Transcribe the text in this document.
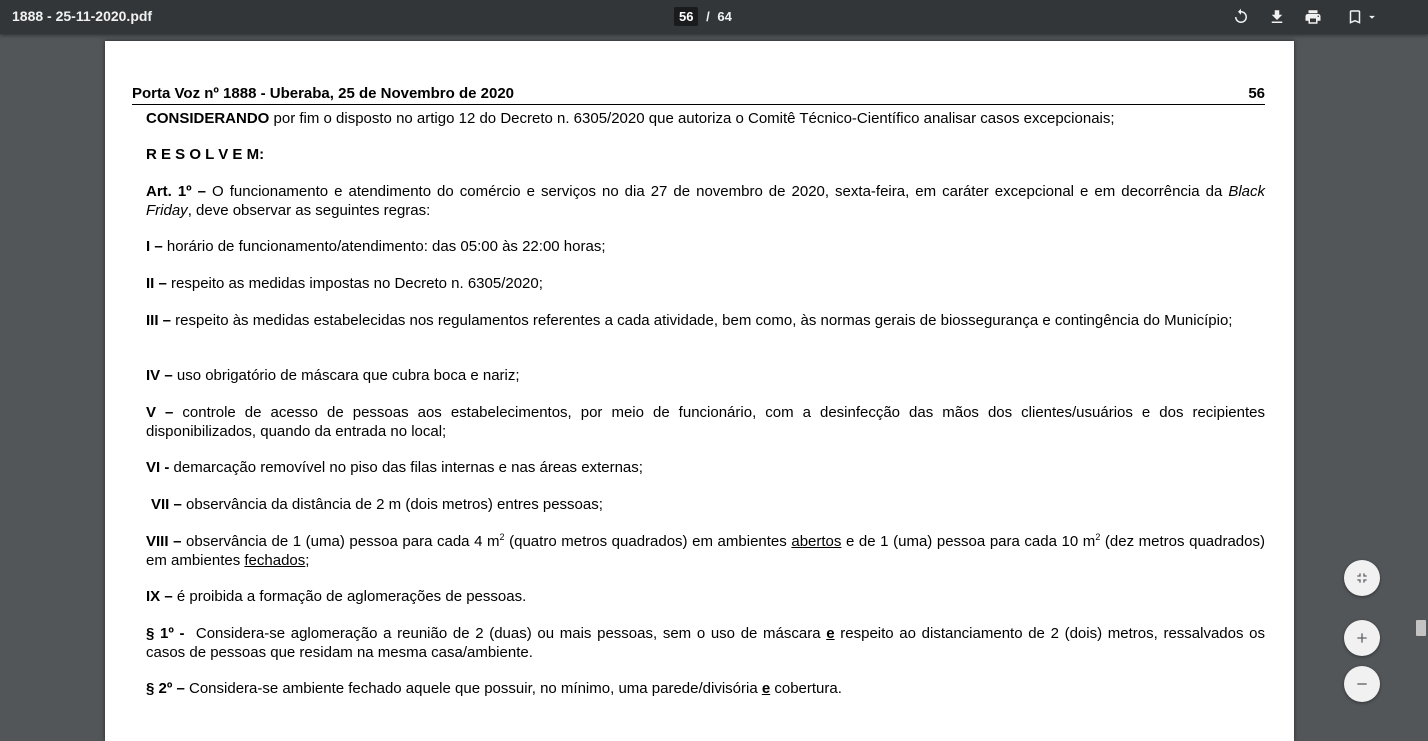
1888 - 25-11-2020.pdf	56 / 64
Porta Voz nº 1888 - Uberaba, 25 de Novembro de 2020	56
CONSIDERANDO por fim o disposto no artigo 12 do Decreto n. 6305/2020 que autoriza o Comitê Técnico-Científico analisar casos excepcionais;
R E S O L V E M:
Art. 1º – O funcionamento e atendimento do comércio e serviços no dia 27 de novembro de 2020, sexta-feira, em caráter excepcional e em decorrência da Black Friday, deve observar as seguintes regras:
I – horário de funcionamento/atendimento: das 05:00 às 22:00 horas;
II – respeito as medidas impostas no Decreto n. 6305/2020;
III – respeito às medidas estabelecidas nos regulamentos referentes a cada atividade, bem como, às normas gerais de biossegurança e contingência do Município;
IV – uso obrigatório de máscara que cubra boca e nariz;
V – controle de acesso de pessoas aos estabelecimentos, por meio de funcionário, com a desinfecção das mãos dos clientes/usuários e dos recipientes disponibilizados, quando da entrada no local;
VI - demarcação removível no piso das filas internas e nas áreas externas;
VII – observância da distância de 2 m (dois metros) entres pessoas;
VIII – observância de 1 (uma) pessoa para cada 4 $m^2$ (quatro metros quadrados) em ambientes abertos e de 1 (uma) pessoa para cada 10 $m^2$ (dez metros quadrados) em ambientes fechados;
IX – é proibida a formação de aglomerações de pessoas.
§ 1º -  Considera-se aglomeração a reunião de 2 (duas) ou mais pessoas, sem o uso de máscara e respeito ao distanciamento de 2 (dois) metros, ressalvados os casos de pessoas que residam na mesma casa/ambiente.
§ 2º – Considera-se ambiente fechado aquele que possuir, no mínimo, uma parede/divisória e cobertura.
